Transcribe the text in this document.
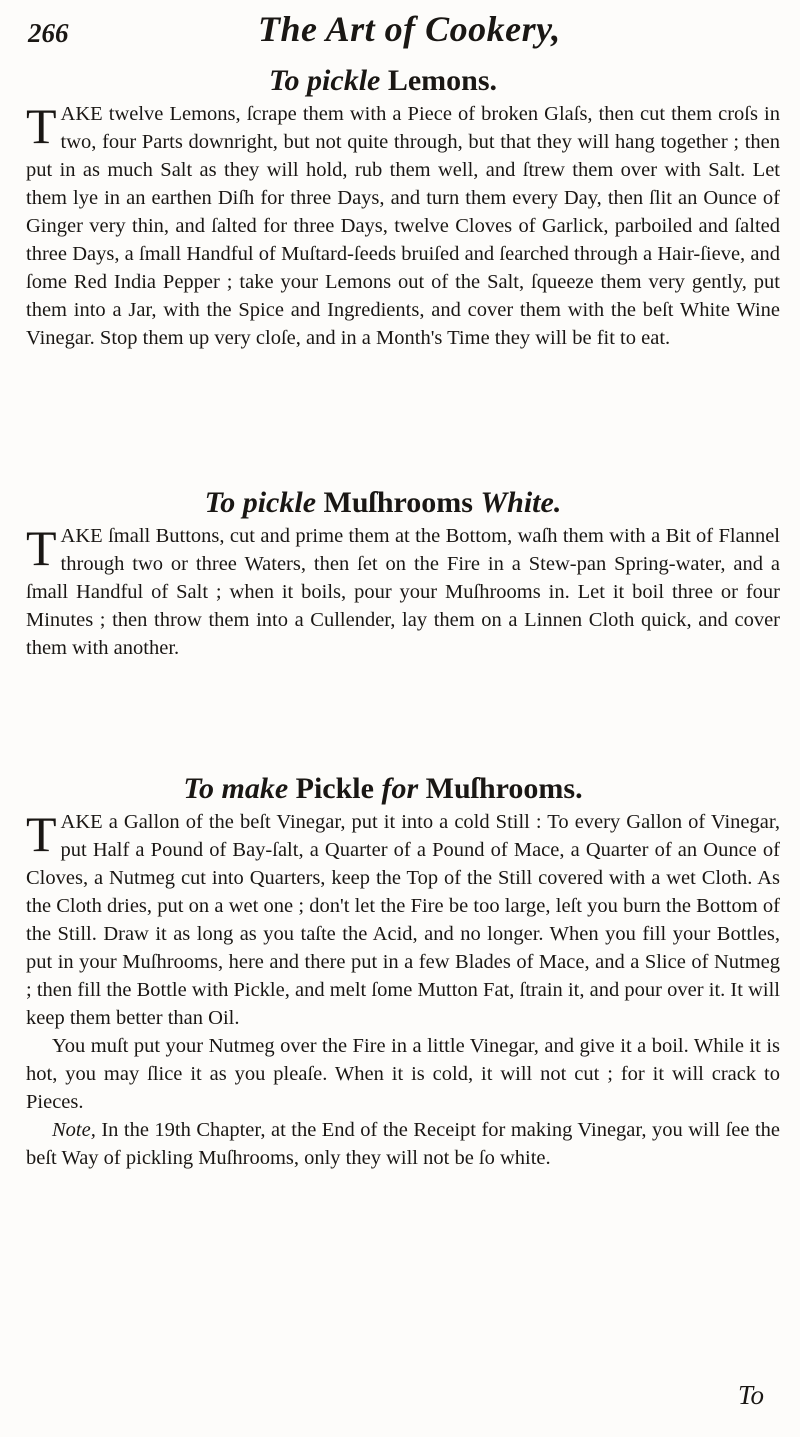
266	The Art of Cookery,
To pickle Lemons.

TAKE twelve Lemons, ſcrape them with a Piece of broken Glaſs, then cut them croſs in two, four Parts downright, but not quite through, but that they will hang together ; then put in as much Salt as they will hold, rub them well, and ſtrew them over with Salt. Let them lye in an earthen Diſh for three Days, and turn them every Day, then ſlit an Ounce of Ginger very thin, and ſalted for three Days, twelve Cloves of Garlick, parboiled and ſalted three Days, a ſmall Handful of Muſtard-ſeeds bruiſed and ſearched through a Hair-ſieve, and ſome Red India Pepper ; take your Lemons out of the Salt, ſqueeze them very gently, put them into a Jar, with the Spice and Ingredients, and cover them with the beſt White Wine Vinegar. Stop them up very cloſe, and in a Month's Time they will be fit to eat.

To pickle Muſhrooms White.

TAKE ſmall Buttons, cut and prime them at the Bottom, waſh them with a Bit of Flannel through two or three Waters, then ſet on the Fire in a Stew-pan Spring-water, and a ſmall Handful of Salt ; when it boils, pour your Muſhrooms in. Let it boil three or four Minutes ; then throw them into a Cullender, lay them on a Linnen Cloth quick, and cover them with another.

To make Pickle for Muſhrooms.

TAKE a Gallon of the beſt Vinegar, put it into a cold Still : To every Gallon of Vinegar, put Half a Pound of Bay-ſalt, a Quarter of a Pound of Mace, a Quarter of an Ounce of Cloves, a Nutmeg cut into Quarters, keep the Top of the Still covered with a wet Cloth. As the Cloth dries, put on a wet one ; don't let the Fire be too large, leſt you burn the Bottom of the Still. Draw it as long as you taſte the Acid, and no longer. When you fill your Bottles, put in your Muſhrooms, here and there put in a few Blades of Mace, and a Slice of Nutmeg ; then fill the Bottle with Pickle, and melt ſome Mutton Fat, ſtrain it, and pour over it. It will keep them better than Oil.

You muſt put your Nutmeg over the Fire in a little Vinegar, and give it a boil. While it is hot, you may ſlice it as you pleaſe. When it is cold, it will not cut ; for it will crack to Pieces.

Note, In the 19th Chapter, at the End of the Receipt for making Vinegar, you will ſee the beſt Way of pickling Muſhrooms, only they will not be ſo white.

To
